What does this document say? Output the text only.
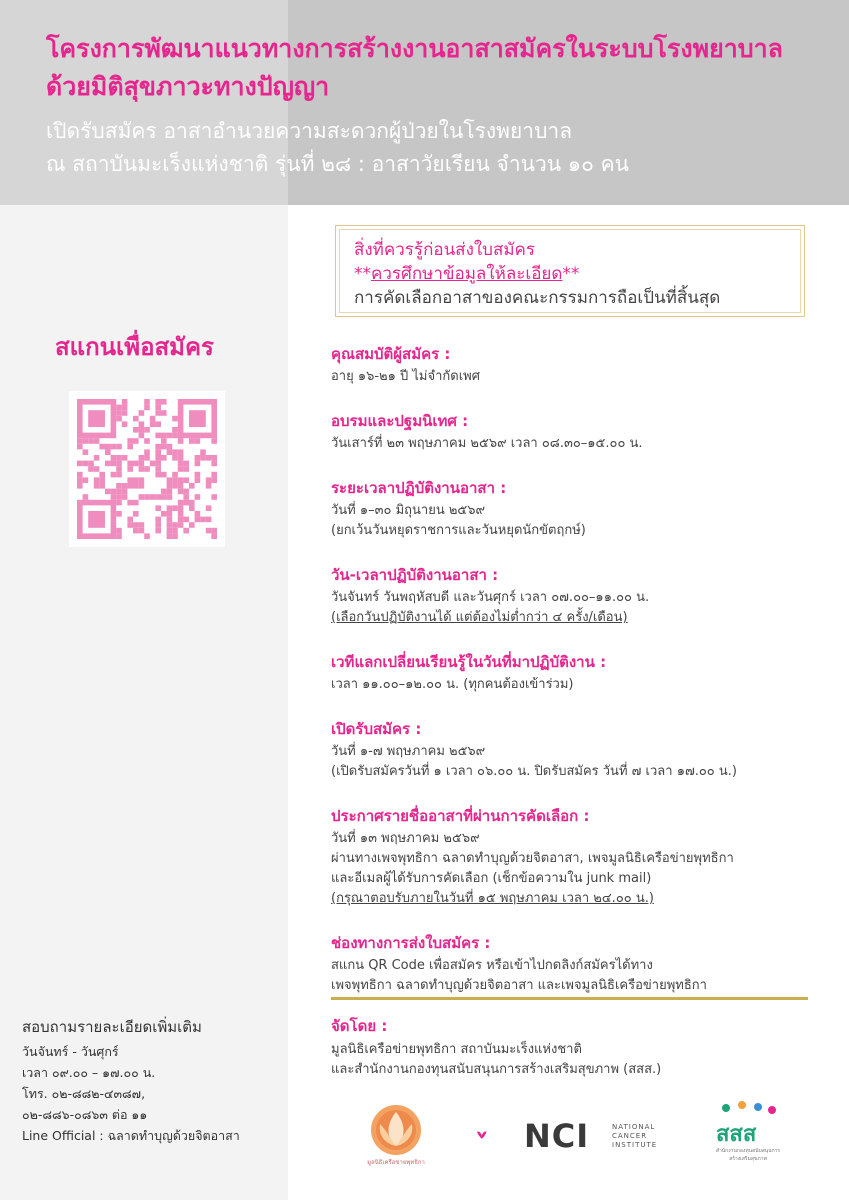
โครงการพัฒนาแนวทางการสร้างงานอาสาสมัครในระบบโรงพยาบาล
ด้วยมิติสุขภาวะทางปัญญา
เปิดรับสมัคร อาสาอำนวยความสะดวกผู้ป่วยในโรงพยาบาล
ณ สถาบันมะเร็งแห่งชาติ รุ่นที่ ๒๘ : อาสาวัยเรียน จำนวน ๑๐ คน
สแกนเพื่อสมัคร
สิ่งที่ควรรู้ก่อนส่งใบสมัคร
**ควรศึกษาข้อมูลให้ละเอียด**
การคัดเลือกอาสาของคณะกรรมการถือเป็นที่สิ้นสุด
คุณสมบัติผู้สมัคร :
อายุ ๑๖-๒๑ ปี ไม่จำกัดเพศ
อบรมและปฐมนิเทศ :
วันเสาร์ที่ ๒๓ พฤษภาคม ๒๕๖๙ เวลา ๐๘.๓๐–๑๕.๐๐ น.
ระยะเวลาปฏิบัติงานอาสา :
วันที่ ๑–๓๐ มิถุนายน ๒๕๖๙
(ยกเว้นวันหยุดราชการและวันหยุดนักขัตฤกษ์)
วัน-เวลาปฏิบัติงานอาสา :
วันจันทร์ วันพฤหัสบดี และวันศุกร์ เวลา ๐๗.๐๐–๑๑.๐๐ น.
(เลือกวันปฏิบัติงานได้ แต่ต้องไม่ต่ำกว่า ๔ ครั้ง/เดือน)
เวทีแลกเปลี่ยนเรียนรู้ในวันที่มาปฏิบัติงาน :
เวลา ๑๑.๐๐–๑๒.๐๐ น. (ทุกคนต้องเข้าร่วม)
เปิดรับสมัคร :
วันที่ ๑-๗ พฤษภาคม ๒๕๖๙
(เปิดรับสมัครวันที่ ๑ เวลา ๐๖.๐๐ น. ปิดรับสมัคร วันที่ ๗ เวลา ๑๗.๐๐ น.)
ประกาศรายชื่ออาสาที่ผ่านการคัดเลือก :
วันที่ ๑๓ พฤษภาคม ๒๕๖๙
ผ่านทางเพจพุทธิกา ฉลาดทำบุญด้วยจิตอาสา, เพจมูลนิธิเครือข่ายพุทธิกา
และอีเมลผู้ได้รับการคัดเลือก (เช็กข้อความใน junk mail)
(กรุณาตอบรับภายในวันที่ ๑๕ พฤษภาคม เวลา ๒๔.๐๐ น.)
ช่องทางการส่งใบสมัคร :
สแกน QR Code เพื่อสมัคร หรือเข้าไปกดลิงก์สมัครได้ทาง
เพจพุทธิกา ฉลาดทำบุญด้วยจิตอาสา และเพจมูลนิธิเครือข่ายพุทธิกา
จัดโดย :
มูลนิธิเครือข่ายพุทธิกา สถาบันมะเร็งแห่งชาติ
และสำนักงานกองทุนสนับสนุนการสร้างเสริมสุขภาพ (สสส.)
สอบถามรายละเอียดเพิ่มเติม
วันจันทร์ - วันศุกร์
เวลา ๐๙.๐๐ – ๑๗.๐๐ น.
โทร. ๐๒-๘๘๒-๔๓๘๗,
๐๒-๘๘๖-๐๘๖๓ ต่อ ๑๑
Line Official : ฉลาดทำบุญด้วยจิตอาสา
มูลนิธิเครือข่ายพุทธิกา
NCI	NATIONAL
CANCER
INSTITUTE	สสส
สำนักงานกองทุนสนับสนุนการสร้างเสริมสุขภาพ
